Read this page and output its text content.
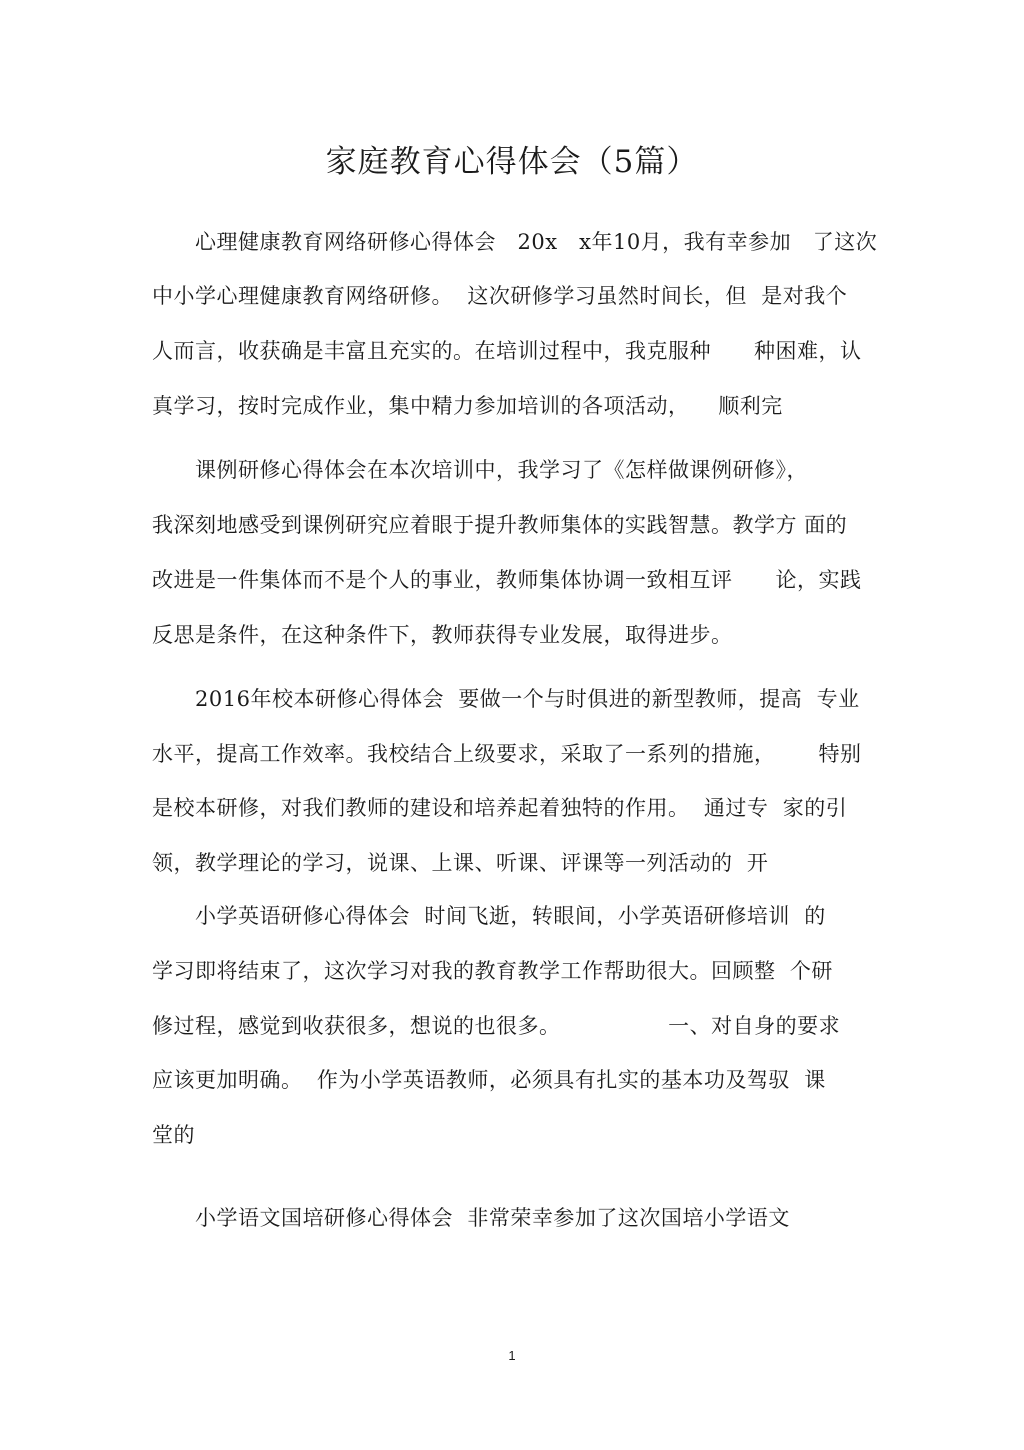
家庭教育心得体会（5篇）
　　心理健康教育网络研修心得体会   20x   x年10月，我有幸参加   了这次
中小学心理健康教育网络研修。  这次研修学习虽然时间长，但  是对我个
人而言，收获确是丰富且充实的。在培训过程中，我克服种      种困难，认
真学习，按时完成作业，集中精力参加培训的各项活动，    顺利完
　　课例研修心得体会在本次培训中，我学习了《怎样做课例研修》，
我深刻地感受到课例研究应着眼于提升教师集体的实践智慧。教学方 面的
改进是一件集体而不是个人的事业，教师集体协调一致相互评      论，实践
反思是条件，在这种条件下，教师获得专业发展，取得进步。
　　2016年校本研修心得体会  要做一个与时俱进的新型教师，提高  专业
水平，提高工作效率。我校结合上级要求，采取了一系列的措施，      特别
是校本研修，对我们教师的建设和培养起着独特的作用。  通过专  家的引
领，教学理论的学习，说课、上课、听课、评课等一列活动的  开
　　小学英语研修心得体会  时间飞逝，转眼间，小学英语研修培训  的
学习即将结束了，这次学习对我的教育教学工作帮助很大。回顾整  个研
修过程，感觉到收获很多，想说的也很多。               一、对自身的要求
应该更加明确。  作为小学英语教师，必须具有扎实的基本功及驾驭  课
堂的
　　小学语文国培研修心得体会  非常荣幸参加了这次国培小学语文
1
